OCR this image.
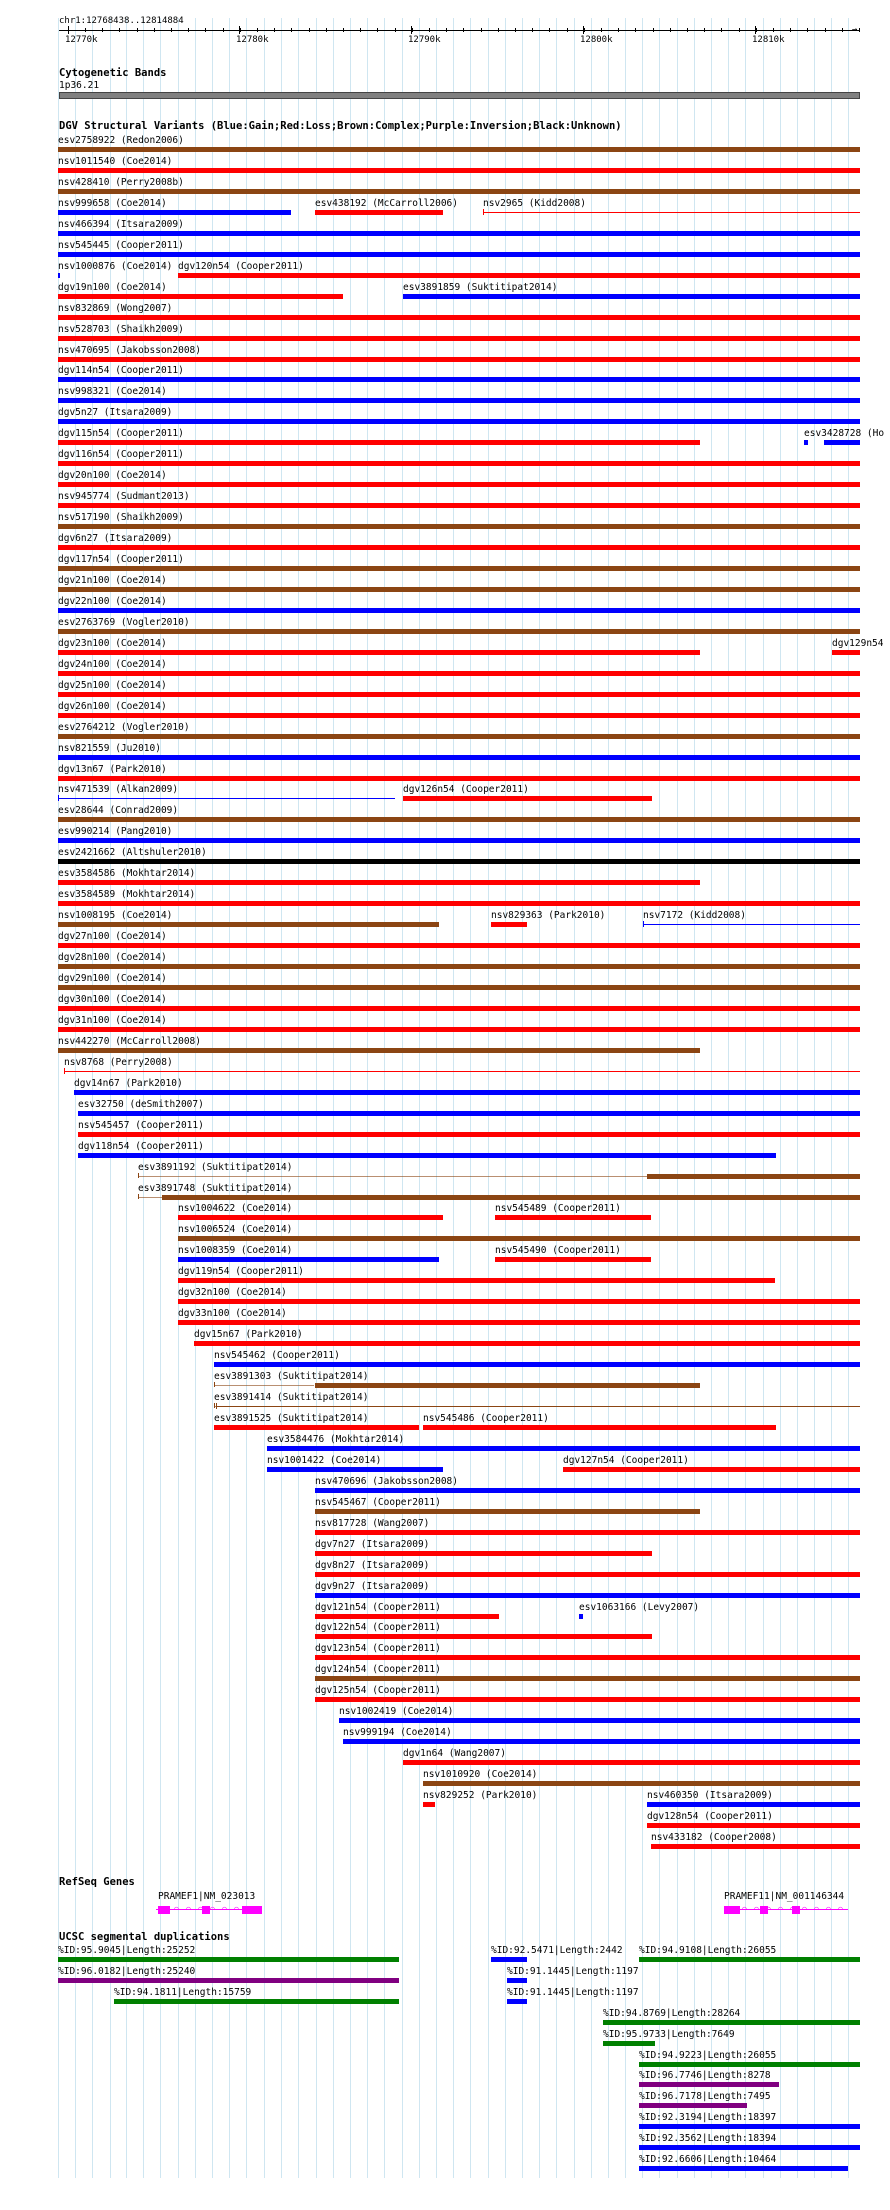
chr1:12768438..12814884
→
12770k	12780k	12790k	12800k	12810k
Cytogenetic Bands
1p36.21
DGV Structural Variants (Blue:Gain;Red:Loss;Brown:Complex;Purple:Inversion;Black:Unknown)
esv2758922 (Redon2006)
nsv1011540 (Coe2014)
nsv428410 (Perry2008b)
nsv999658 (Coe2014)	esv438192 (McCarroll2006)	nsv2965 (Kidd2008)
nsv466394 (Itsara2009)
nsv545445 (Cooper2011)
nsv1000876 (Coe2014) dgv120n54 (Cooper2011)
dgv19n100 (Coe2014)	esv3891859 (Suktitipat2014)
nsv832869 (Wong2007)
nsv528703 (Shaikh2009)
nsv470695 (Jakobsson2008)
dgv114n54 (Cooper2011)
nsv998321 (Coe2014)
dgv5n27 (Itsara2009)
dgv115n54 (Cooper2011)	esv3428728 (Ho
dgv116n54 (Cooper2011)
dgv20n100 (Coe2014)
nsv945774 (Sudmant2013)
nsv517190 (Shaikh2009)
dgv6n27 (Itsara2009)
dgv117n54 (Cooper2011)
dgv21n100 (Coe2014)
dgv22n100 (Coe2014)
esv2763769 (Vogler2010)
dgv23n100 (Coe2014)	dgv129n54
dgv24n100 (Coe2014)
dgv25n100 (Coe2014)
dgv26n100 (Coe2014)
esv2764212 (Vogler2010)
nsv821559 (Ju2010)
dgv13n67 (Park2010)
nsv471539 (Alkan2009)	dgv126n54 (Cooper2011)
esv28644 (Conrad2009)
esv990214 (Pang2010)
esv2421662 (Altshuler2010)
esv3584586 (Mokhtar2014)
esv3584589 (Mokhtar2014)
nsv1008195 (Coe2014)	nsv829363 (Park2010)	nsv7172 (Kidd2008)
dgv27n100 (Coe2014)
dgv28n100 (Coe2014)
dgv29n100 (Coe2014)
dgv30n100 (Coe2014)
dgv31n100 (Coe2014)
nsv442270 (McCarroll2008)
nsv8768 (Perry2008)
dgv14n67 (Park2010)
esv32750 (deSmith2007)
nsv545457 (Cooper2011)
dgv118n54 (Cooper2011)
esv3891192 (Suktitipat2014)
esv3891748 (Suktitipat2014)
nsv1004622 (Coe2014)	nsv545489 (Cooper2011)
nsv1006524 (Coe2014)
nsv1008359 (Coe2014)	nsv545490 (Cooper2011)
dgv119n54 (Cooper2011)
dgv32n100 (Coe2014)
dgv33n100 (Coe2014)
dgv15n67 (Park2010)
nsv545462 (Cooper2011)
esv3891303 (Suktitipat2014)
esv3891414 (Suktitipat2014)
esv3891525 (Suktitipat2014)	nsv545486 (Cooper2011)
esv3584476 (Mokhtar2014)
nsv1001422 (Coe2014)	dgv127n54 (Cooper2011)
nsv470696 (Jakobsson2008)
nsv545467 (Cooper2011)
nsv817728 (Wang2007)
dgv7n27 (Itsara2009)
dgv8n27 (Itsara2009)
dgv9n27 (Itsara2009)
dgv121n54 (Cooper2011)	esv1063166 (Levy2007)
dgv122n54 (Cooper2011)
dgv123n54 (Cooper2011)
dgv124n54 (Cooper2011)
dgv125n54 (Cooper2011)
nsv1002419 (Coe2014)
nsv999194 (Coe2014)
dgv1n64 (Wang2007)
nsv1010920 (Coe2014)
nsv829252 (Park2010)	nsv460350 (Itsara2009)
dgv128n54 (Cooper2011)
nsv433182 (Cooper2008)
RefSeq Genes
PRAMEF1|NM_023013
⌒ ⌒ ⌒ ⌒ ⌒ ⌒ ⌒
PRAMEF11|NM_001146344
⌒ ⌒ ⌒ ⌒ ⌒ ⌒ ⌒ ⌒ ⌒ ⌒
UCSC segmental duplications
%ID:95.9045|Length:25252	%ID:92.5471|Length:2442 %ID:94.9108|Length:26055
%ID:96.0182|Length:25240	%ID:91.1445|Length:1197
%ID:94.1811|Length:15759	%ID:91.1445|Length:1197
%ID:94.8769|Length:28264
%ID:95.9733|Length:7649
%ID:94.9223|Length:26055
%ID:96.7746|Length:8278
%ID:96.7178|Length:7495
%ID:92.3194|Length:18397
%ID:92.3562|Length:18394
%ID:92.6606|Length:10464
